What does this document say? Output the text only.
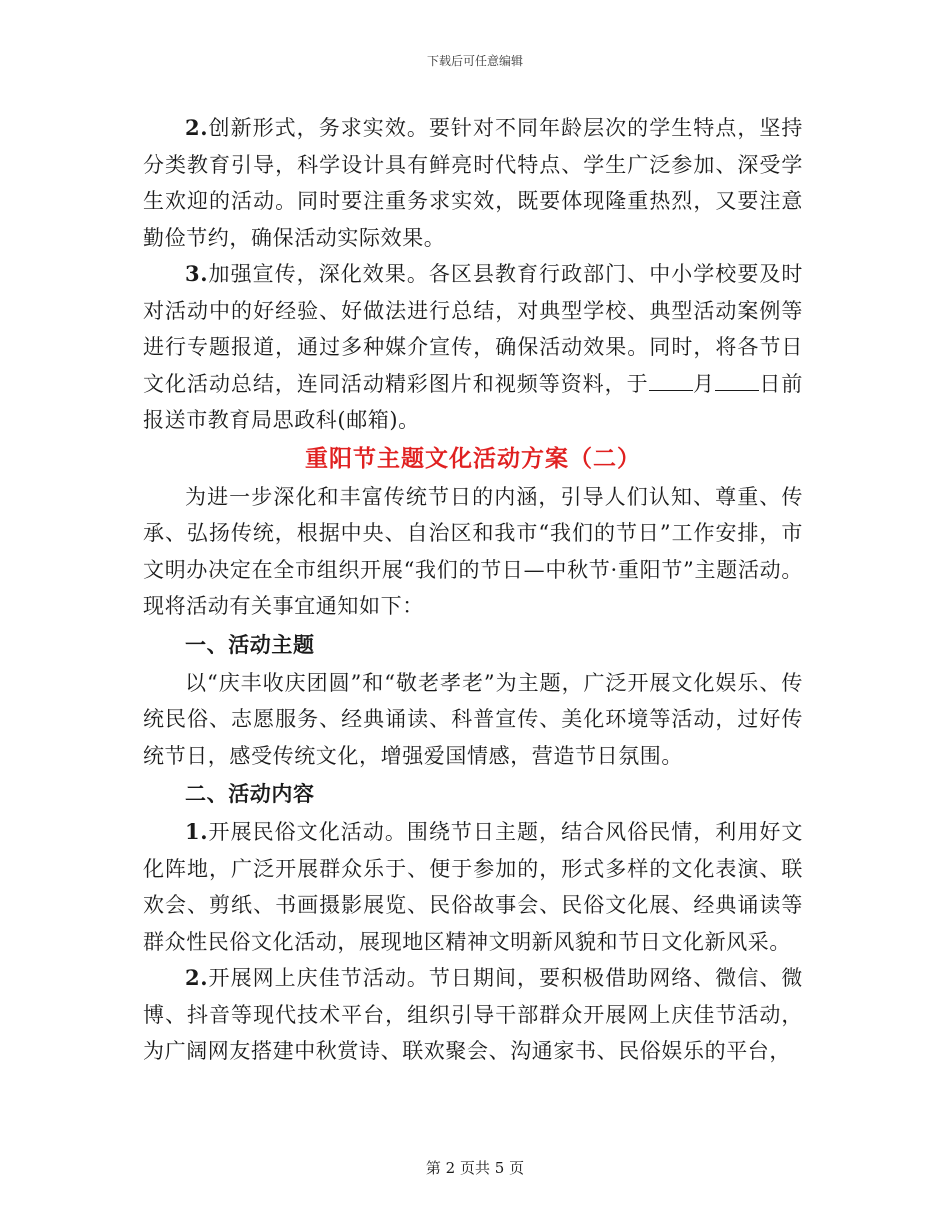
下载后可任意编辑

2.创新形式，务求实效。要针对不同年龄层次的学生特点，坚持分类教育引导，科学设计具有鲜亮时代特点、学生广泛参加、深受学生欢迎的活动。同时要注重务求实效，既要体现隆重热烈，又要注意勤俭节约，确保活动实际效果。

3.加强宣传，深化效果。各区县教育行政部门、中小学校要及时对活动中的好经验、好做法进行总结，对典型学校、典型活动案例等进行专题报道，通过多种媒介宣传，确保活动效果。同时，将各节日文化活动总结，连同活动精彩图片和视频等资料，于 月 日前报送市教育局思政科(邮箱)。

重阳节主题文化活动方案（二）

为进一步深化和丰富传统节日的内涵，引导人们认知、尊重、传承、弘扬传统，根据中央、自治区和我市“我们的节日”工作安排，市文明办决定在全市组织开展“我们的节日—中秋节·重阳节”主题活动。现将活动有关事宜通知如下：

一、活动主题

以“庆丰收庆团圆”和“敬老孝老”为主题，广泛开展文化娱乐、传统民俗、志愿服务、经典诵读、科普宣传、美化环境等活动，过好传统节日，感受传统文化，增强爱国情感，营造节日氛围。

二、活动内容

1.开展民俗文化活动。围绕节日主题，结合风俗民情，利用好文化阵地，广泛开展群众乐于、便于参加的，形式多样的文化表演、联欢会、剪纸、书画摄影展览、民俗故事会、民俗文化展、经典诵读等群众性民俗文化活动，展现地区精神文明新风貌和节日文化新风采。

2.开展网上庆佳节活动。节日期间，要积极借助网络、微信、微博、抖音等现代技术平台，组织引导干部群众开展网上庆佳节活动，为广阔网友搭建中秋赏诗、联欢聚会、沟通家书、民俗娱乐的平台，

第 2 页共 5 页
